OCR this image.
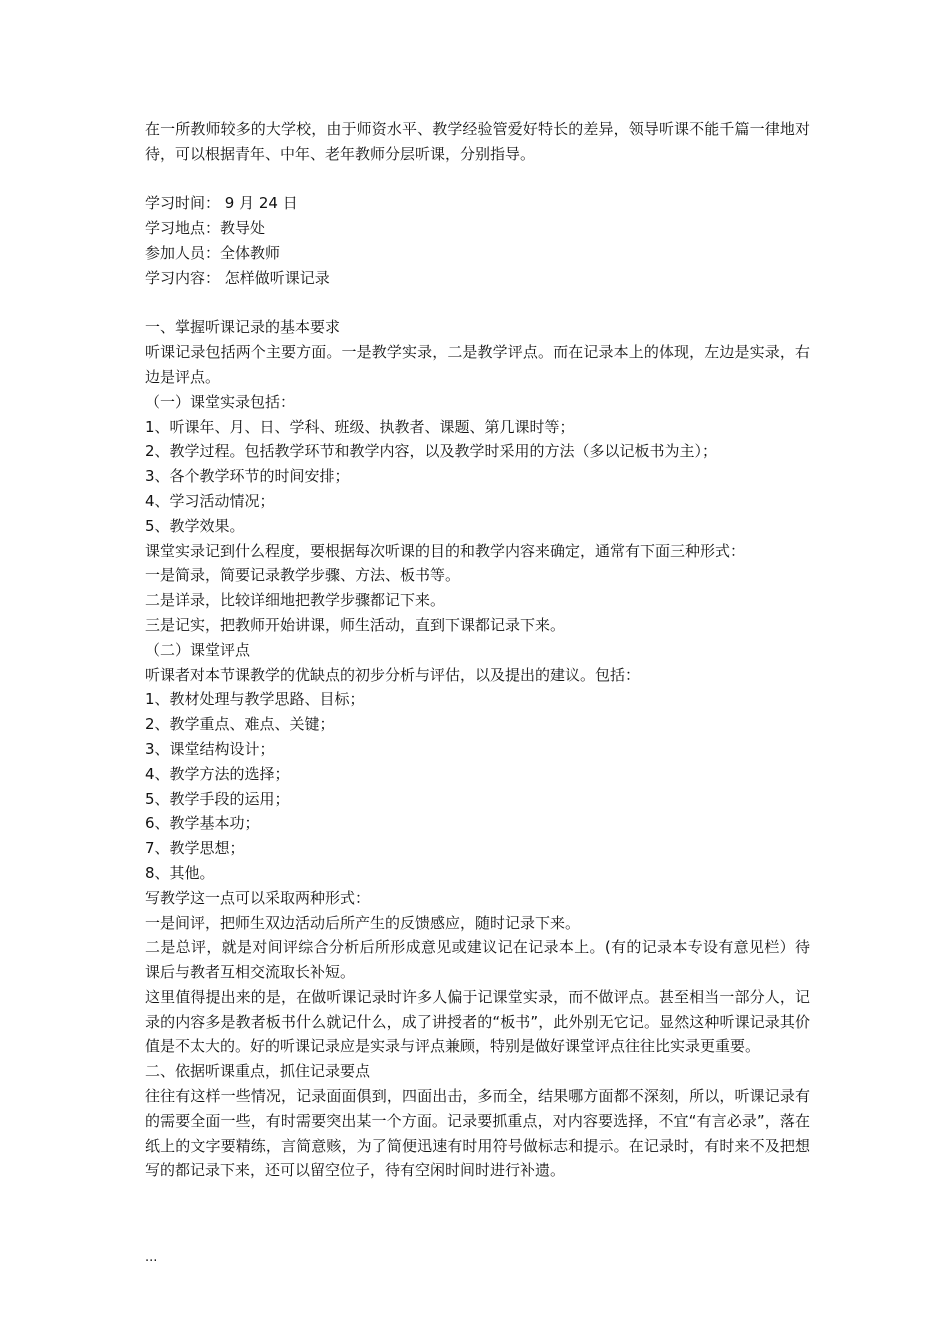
在一所教师较多的大学校，由于师资水平、教学经验管爱好特长的差异，领导听课不能千篇一律地对待，可以根据青年、中年、老年教师分层听课，分别指导。
学习时间： 9 月 24 日
学习地点：教导处
参加人员：全体教师
学习内容： 怎样做听课记录
一、掌握听课记录的基本要求
听课记录包括两个主要方面。一是教学实录，二是教学评点。而在记录本上的体现，左边是实录，右边是评点。
（一）课堂实录包括：
1、听课年、月、日、学科、班级、执教者、课题、第几课时等；
2、教学过程。包括教学环节和教学内容，以及教学时采用的方法（多以记板书为主）；
3、各个教学环节的时间安排；
4、学习活动情况；
5、教学效果。
课堂实录记到什么程度，要根据每次听课的目的和教学内容来确定，通常有下面三种形式：
一是简录，简要记录教学步骤、方法、板书等。
二是详录，比较详细地把教学步骤都记下来。
三是记实，把教师开始讲课，师生活动，直到下课都记录下来。
（二）课堂评点
听课者对本节课教学的优缺点的初步分析与评估，以及提出的建议。包括：
1、教材处理与教学思路、目标；
2、教学重点、难点、关键；
3、课堂结构设计；
4、教学方法的选择；
5、教学手段的运用；
6、教学基本功；
7、教学思想；
8、其他。
写教学这一点可以采取两种形式：
一是间评，把师生双边活动后所产生的反馈感应，随时记录下来。
二是总评，就是对间评综合分析后所形成意见或建议记在记录本上。(有的记录本专设有意见栏）待课后与教者互相交流取长补短。
这里值得提出来的是，在做听课记录时许多人偏于记课堂实录，而不做评点。甚至相当一部分人，记录的内容多是教者板书什么就记什么，成了讲授者的“板书”，此外别无它记。显然这种听课记录其价值是不太大的。好的听课记录应是实录与评点兼顾，特别是做好课堂评点往往比实录更重要。
二、依据听课重点，抓住记录要点
往往有这样一些情况，记录面面俱到，四面出击，多而全，结果哪方面都不深刻，所以，听课记录有的需要全面一些，有时需要突出某一个方面。记录要抓重点，对内容要选择，不宜“有言必录”，落在纸上的文字要精练，言简意赅，为了简便迅速有时用符号做标志和提示。在记录时，有时来不及把想写的都记录下来，还可以留空位子，待有空闲时间时进行补遗。
...
